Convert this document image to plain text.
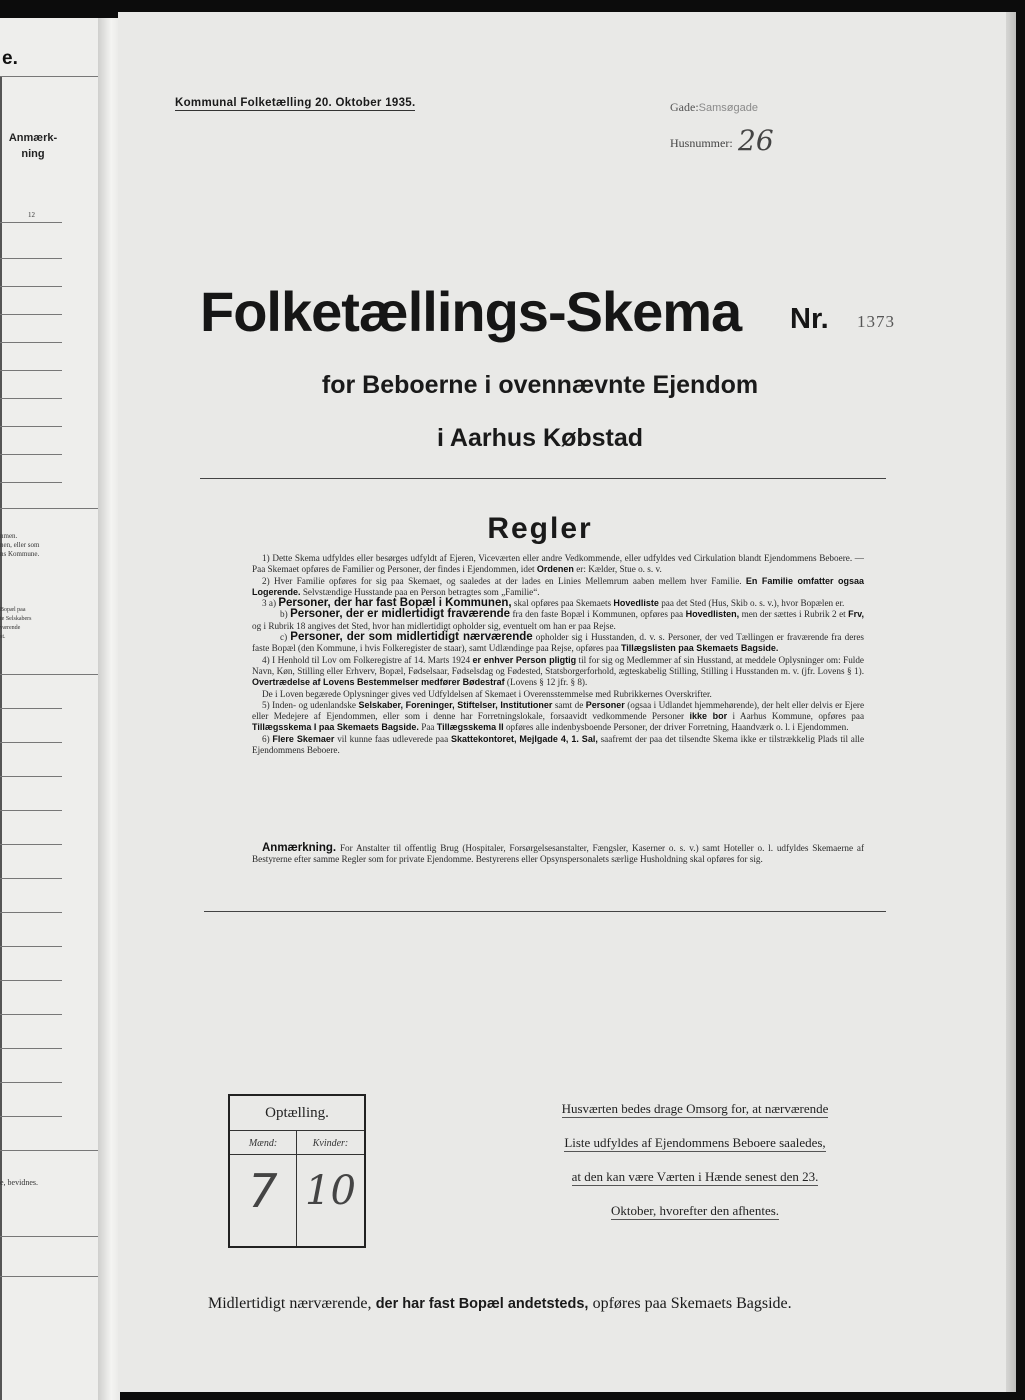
e.
Anmærk-
ning
12
nmen.
nen, eller som
ns Kommune.
Bopæl paa
te Selskabers
værende
st.
e, bevidnes.
Kommunal Folketælling 20. Oktober 1935.	Gade:Samsøgade
Husnummer: 26
Folketællings-Skema Nr. 1373
for Beboerne i ovennævnte Ejendom
i Aarhus Købstad
Regler

1) Dette Skema udfyldes eller besørges udfyldt af Ejeren, Viceværten eller andre Vedkommende, eller udfyldes ved Cirkulation blandt Ejendommens Beboere. — Paa Skemaet opføres de Familier og Personer, der findes i Ejendommen, idet Ordenen er: Kælder, Stue o. s. v.

2) Hver Familie opføres for sig paa Skemaet, og saaledes at der lades en Linies Mellemrum aaben mellem hver Familie. En Familie omfatter ogsaa Logerende. Selvstændige Husstande paa en Person betragtes som „Familie“.

3 a) Personer, der har fast Bopæl i Kommunen, skal opføres paa Skemaets Hovedliste paa det Sted (Hus, Skib o. s. v.), hvor Bopælen er.

b) Personer, der er midlertidigt fraværende fra den faste Bopæl i Kommunen, opføres paa Hovedlisten, men der sættes i Rubrik 2 et Frv, og i Rubrik 18 angives det Sted, hvor han midlertidigt opholder sig, eventuelt om han er paa Rejse.

c) Personer, der som midlertidigt nærværende opholder sig i Husstanden, d. v. s. Personer, der ved Tællingen er fraværende fra deres faste Bopæl (den Kommune, i hvis Folkeregister de staar), samt Udlændinge paa Rejse, opføres paa Tillægslisten paa Skemaets Bagside.

4) I Henhold til Lov om Folkeregistre af 14. Marts 1924 er enhver Person pligtig til for sig og Medlemmer af sin Husstand, at meddele Oplysninger om: Fulde Navn, Køn, Stilling eller Erhverv, Bopæl, Fødselsaar, Fødselsdag og Fødested, Statsborgerforhold, ægteskabelig Stilling, Stilling i Husstanden m. v. (jfr. Lovens § 1). Overtrædelse af Lovens Bestemmelser medfører Bødestraf (Lovens § 12 jfr. § 8).

De i Loven begærede Oplysninger gives ved Udfyldelsen af Skemaet i Overensstemmelse med Rubrikkernes Overskrifter.

5) Inden- og udenlandske Selskaber, Foreninger, Stiftelser, Institutioner samt de Personer (ogsaa i Udlandet hjemmehørende), der helt eller delvis er Ejere eller Medejere af Ejendommen, eller som i denne har Forretningslokale, forsaavidt vedkommende Personer ikke bor i Aarhus Kommune, opføres paa Tillægsskema I paa Skemaets Bagside. Paa Tillægsskema II opføres alle indenbysboende Personer, der driver Forretning, Haandværk o. l. i Ejendommen.

6) Flere Skemaer vil kunne faas udleverede paa Skattekontoret, Mejlgade 4, 1. Sal, saafremt der paa det tilsendte Skema ikke er tilstrækkelig Plads til alle Ejendommens Beboere.

Anmærkning. For Anstalter til offentlig Brug (Hospitaler, Forsørgelsesanstalter, Fængsler, Kaserner o. s. v.) samt Hoteller o. l. udfyldes Skemaerne af Bestyrerne efter samme Regler som for private Ejendomme. Bestyrerens eller Opsynspersonalets særlige Husholdning skal opføres for sig.

Optælling.
Mænd:	Kvinder:
7 10
Husværten bedes drage Omsorg for, at nærværende
Liste udfyldes af Ejendommens Beboere saaledes,
at den kan være Værten i Hænde senest den 23.
Oktober, hvorefter den afhentes.
Midlertidigt nærværende, der har fast Bopæl andetsteds, opføres paa Skemaets Bagside.
